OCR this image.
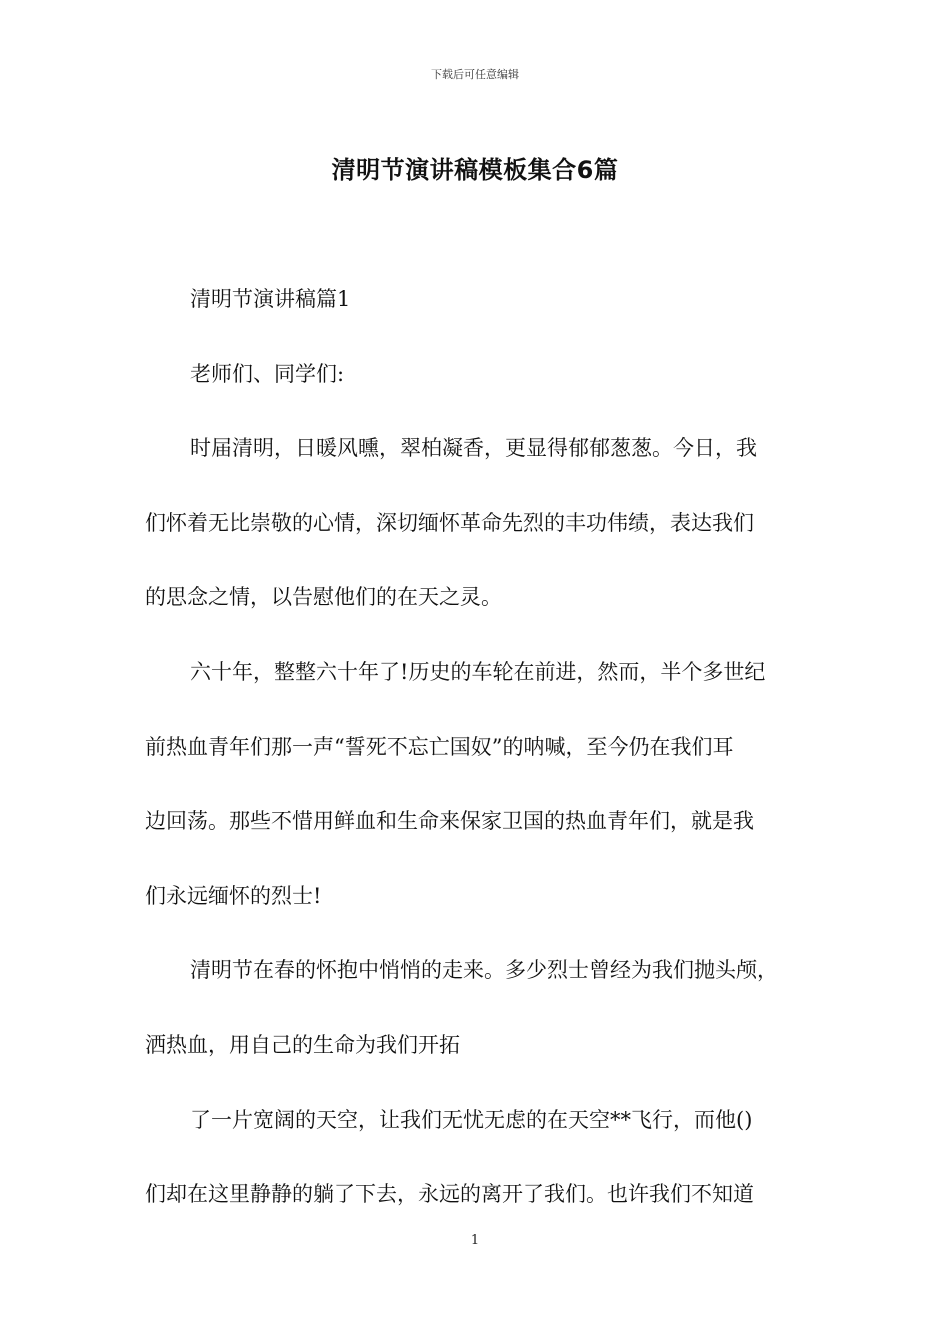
下载后可任意编辑
清明节演讲稿模板集合6篇
清明节演讲稿篇1
老师们、同学们:
时届清明，日暖风曛，翠柏凝香，更显得郁郁葱葱。今日，我
们怀着无比崇敬的心情，深切缅怀革命先烈的丰功伟绩，表达我们
的思念之情，以告慰他们的在天之灵。
六十年，整整六十年了!历史的车轮在前进，然而，半个多世纪
前热血青年们那一声“誓死不忘亡国奴”的呐喊，至今仍在我们耳
边回荡。那些不惜用鲜血和生命来保家卫国的热血青年们，就是我
们永远缅怀的烈士!
清明节在春的怀抱中悄悄的走来。多少烈士曾经为我们抛头颅，
洒热血，用自己的生命为我们开拓
了一片宽阔的天空，让我们无忧无虑的在天空**飞行，而他()
们却在这里静静的躺了下去，永远的离开了我们。也许我们不知道
1
